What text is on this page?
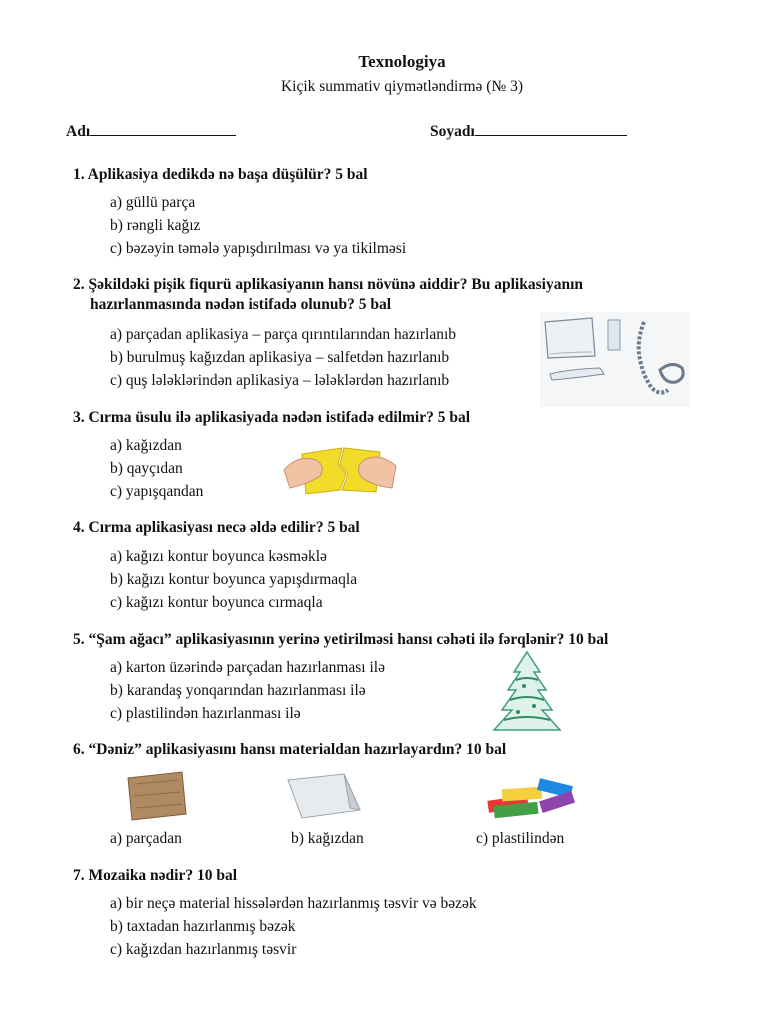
Texnologiya
Kiçik summativ qiymətləndirmə (№ 3)
Adı	Soyadı
1. Aplikasiya dedikdə nə başa düşülür? 5 bal
a) güllü parça
b) rəngli kağız
c) bəzəyin təmələ yapışdırılması və ya tikilməsi
2. Şəkildəki pişik fiqurü aplikasiyanın hansı növünə aiddir? Bu aplikasiyanın
hazırlanmasında nədən istifadə olunub? 5 bal
a) parçadan aplikasiya – parça qırıntılarından hazırlanıb
b) burulmuş kağızdan aplikasiya – salfetdən hazırlanıb
c) quş lələklərindən aplikasiya – lələklərdən hazırlanıb
3. Cırma üsulu ilə aplikasiyada nədən istifadə edilmir? 5 bal
a) kağızdan
b) qayçıdan
c) yapışqandan
4. Cırma aplikasiyası necə əldə edilir? 5 bal
a) kağızı kontur boyunca kəsməklə
b) kağızı kontur boyunca yapışdırmaqla
c) kağızı kontur boyunca cırmaqla
5. “Şam ağacı” aplikasiyasının yerinə yetirilməsi hansı cəhəti ilə fərqlənir? 10 bal
a) karton üzərində parçadan hazırlanması ilə
b) karandaş yonqarından hazırlanması ilə
c) plastilindən hazırlanması ilə
6. “Dəniz” aplikasiyasını hansı materialdan hazırlayardın? 10 bal
a) parçadan	b) kağızdan	c) plastilindən
7. Mozaika nədir? 10 bal
a) bir neçə material hissələrdən hazırlanmış təsvir və bəzək
b) taxtadan hazırlanmış bəzək
c) kağızdan hazırlanmış təsvir
